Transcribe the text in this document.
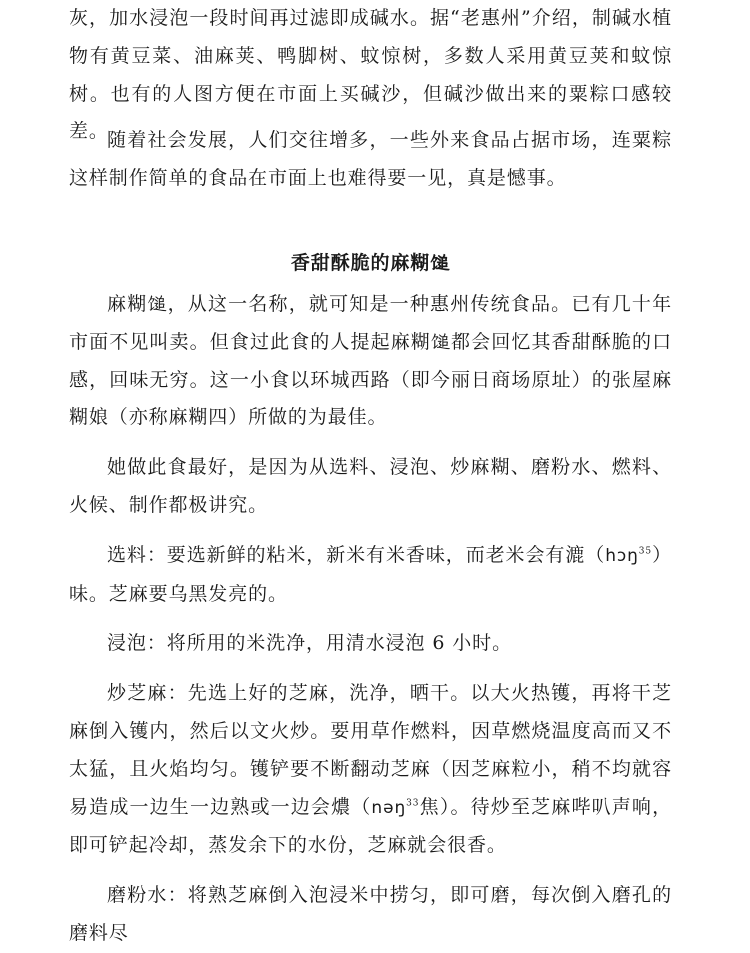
灰，加水浸泡一段时间再过滤即成碱水。据“老惠州”介绍，制碱水植物有黄豆菜、油麻荚、鸭脚树、蚊惊树，多数人采用黄豆荚和蚊惊树。也有的人图方便在市面上买碱沙，但碱沙做出来的粟粽口感较差。

随着社会发展，人们交往增多，一些外来食品占据市场，连粟粽这样制作简单的食品在市面上也难得要一见，真是憾事。

香甜酥脆的麻糊𫗰

麻糊𫗰，从这一名称，就可知是一种惠州传统食品。已有几十年市面不见叫卖。但食过此食的人提起麻糊𫗰都会回忆其香甜酥脆的口感，回味无穷。这一小食以环城西路（即今丽日商场原址）的张屋麻糊娘（亦称麻糊四）所做的为最佳。

她做此食最好，是因为从选料、浸泡、炒麻糊、磨粉水、燃料、火候、制作都极讲究。

选料：要选新鲜的粘米，新米有米香味，而老米会有漉（hɔŋ$^{35}$）味。芝麻要乌黑发亮的。

浸泡：将所用的米洗净，用清水浸泡 6 小时。

炒芝麻：先选上好的芝麻，洗净，晒干。以大火热镬，再将干芝麻倒入镬内，然后以文火炒。要用草作燃料，因草燃烧温度高而又不太猛，且火焰均匀。镬铲要不断翻动芝麻（因芝麻粒小，稍不均就容易造成一边生一边熟或一边会燶（nəŋ$^{33}$焦）。待炒至芝麻哔叭声响，即可铲起冷却，蒸发余下的水份，芝麻就会很香。

磨粉水：将熟芝麻倒入泡浸米中捞匀，即可磨，每次倒入磨孔的磨料尽
